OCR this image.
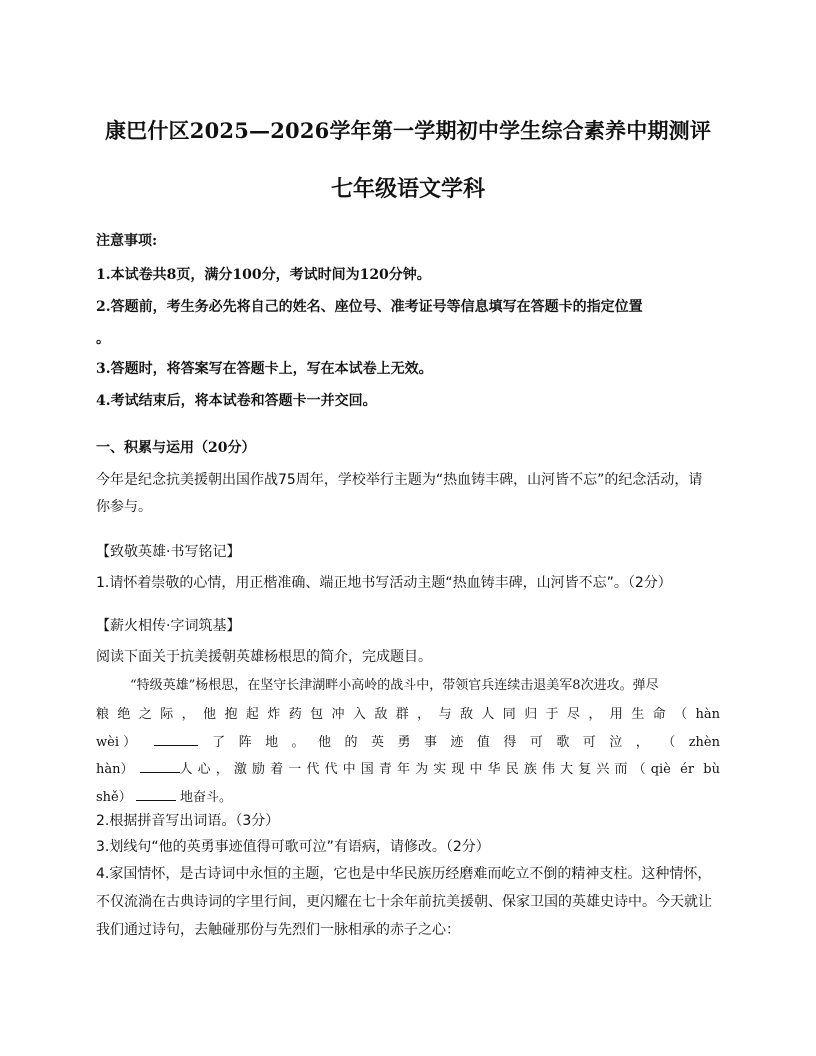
康巴什区2025—2026学年第一学期初中学生综合素养中期测评
七年级语文学科
注意事项:
1.本试卷共8页，满分100分，考试时间为120分钟。
2.答题前，考生务必先将自己的姓名、座位号、准考证号等信息填写在答题卡的指定位置
。
3.答题时，将答案写在答题卡上，写在本试卷上无效。
4.考试结束后，将本试卷和答题卡一并交回。
一、积累与运用（20分）
今年是纪念抗美援朝出国作战75周年，学校举行主题为“热血铸丰碑，山河皆不忘”的纪念活动，请
你参与。
【致敬英雄·书写铭记】
1.请怀着崇敬的心情，用正楷准确、端正地书写活动主题“热血铸丰碑，山河皆不忘”。（2分）
【薪火相传·字词筑基】
阅读下面关于抗美援朝英雄杨根思的简介，完成题目。
“特级英雄”杨根思，在坚守长津湖畔小高岭的战斗中，带领官兵连续击退美军8次进攻。弹尽
粮 绝 之 际 ， 他 抱 起 炸 药 包 冲 入 敌 群 ， 与 敌 人 同 归 于 尽 ， 用 生 命 （ hàn
wèi ）	了 阵 地 。 他 的 英 勇 事 迹 值 得 可 歌 可 泣 ， （ zhèn
hàn）	人心，激励着一代代中国青年为实现中华民族伟大复兴而（qiè ér bù
shě）	地奋斗。
2.根据拼音写出词语。（3分）
3.划线句“他的英勇事迹值得可歌可泣”有语病，请修改。（2分）
4.家国情怀，是古诗词中永恒的主题，它也是中华民族历经磨难而屹立不倒的精神支柱。这种情怀，
不仅流淌在古典诗词的字里行间，更闪耀在七十余年前抗美援朝、保家卫国的英雄史诗中。今天就让
我们通过诗句，去触碰那份与先烈们一脉相承的赤子之心：
